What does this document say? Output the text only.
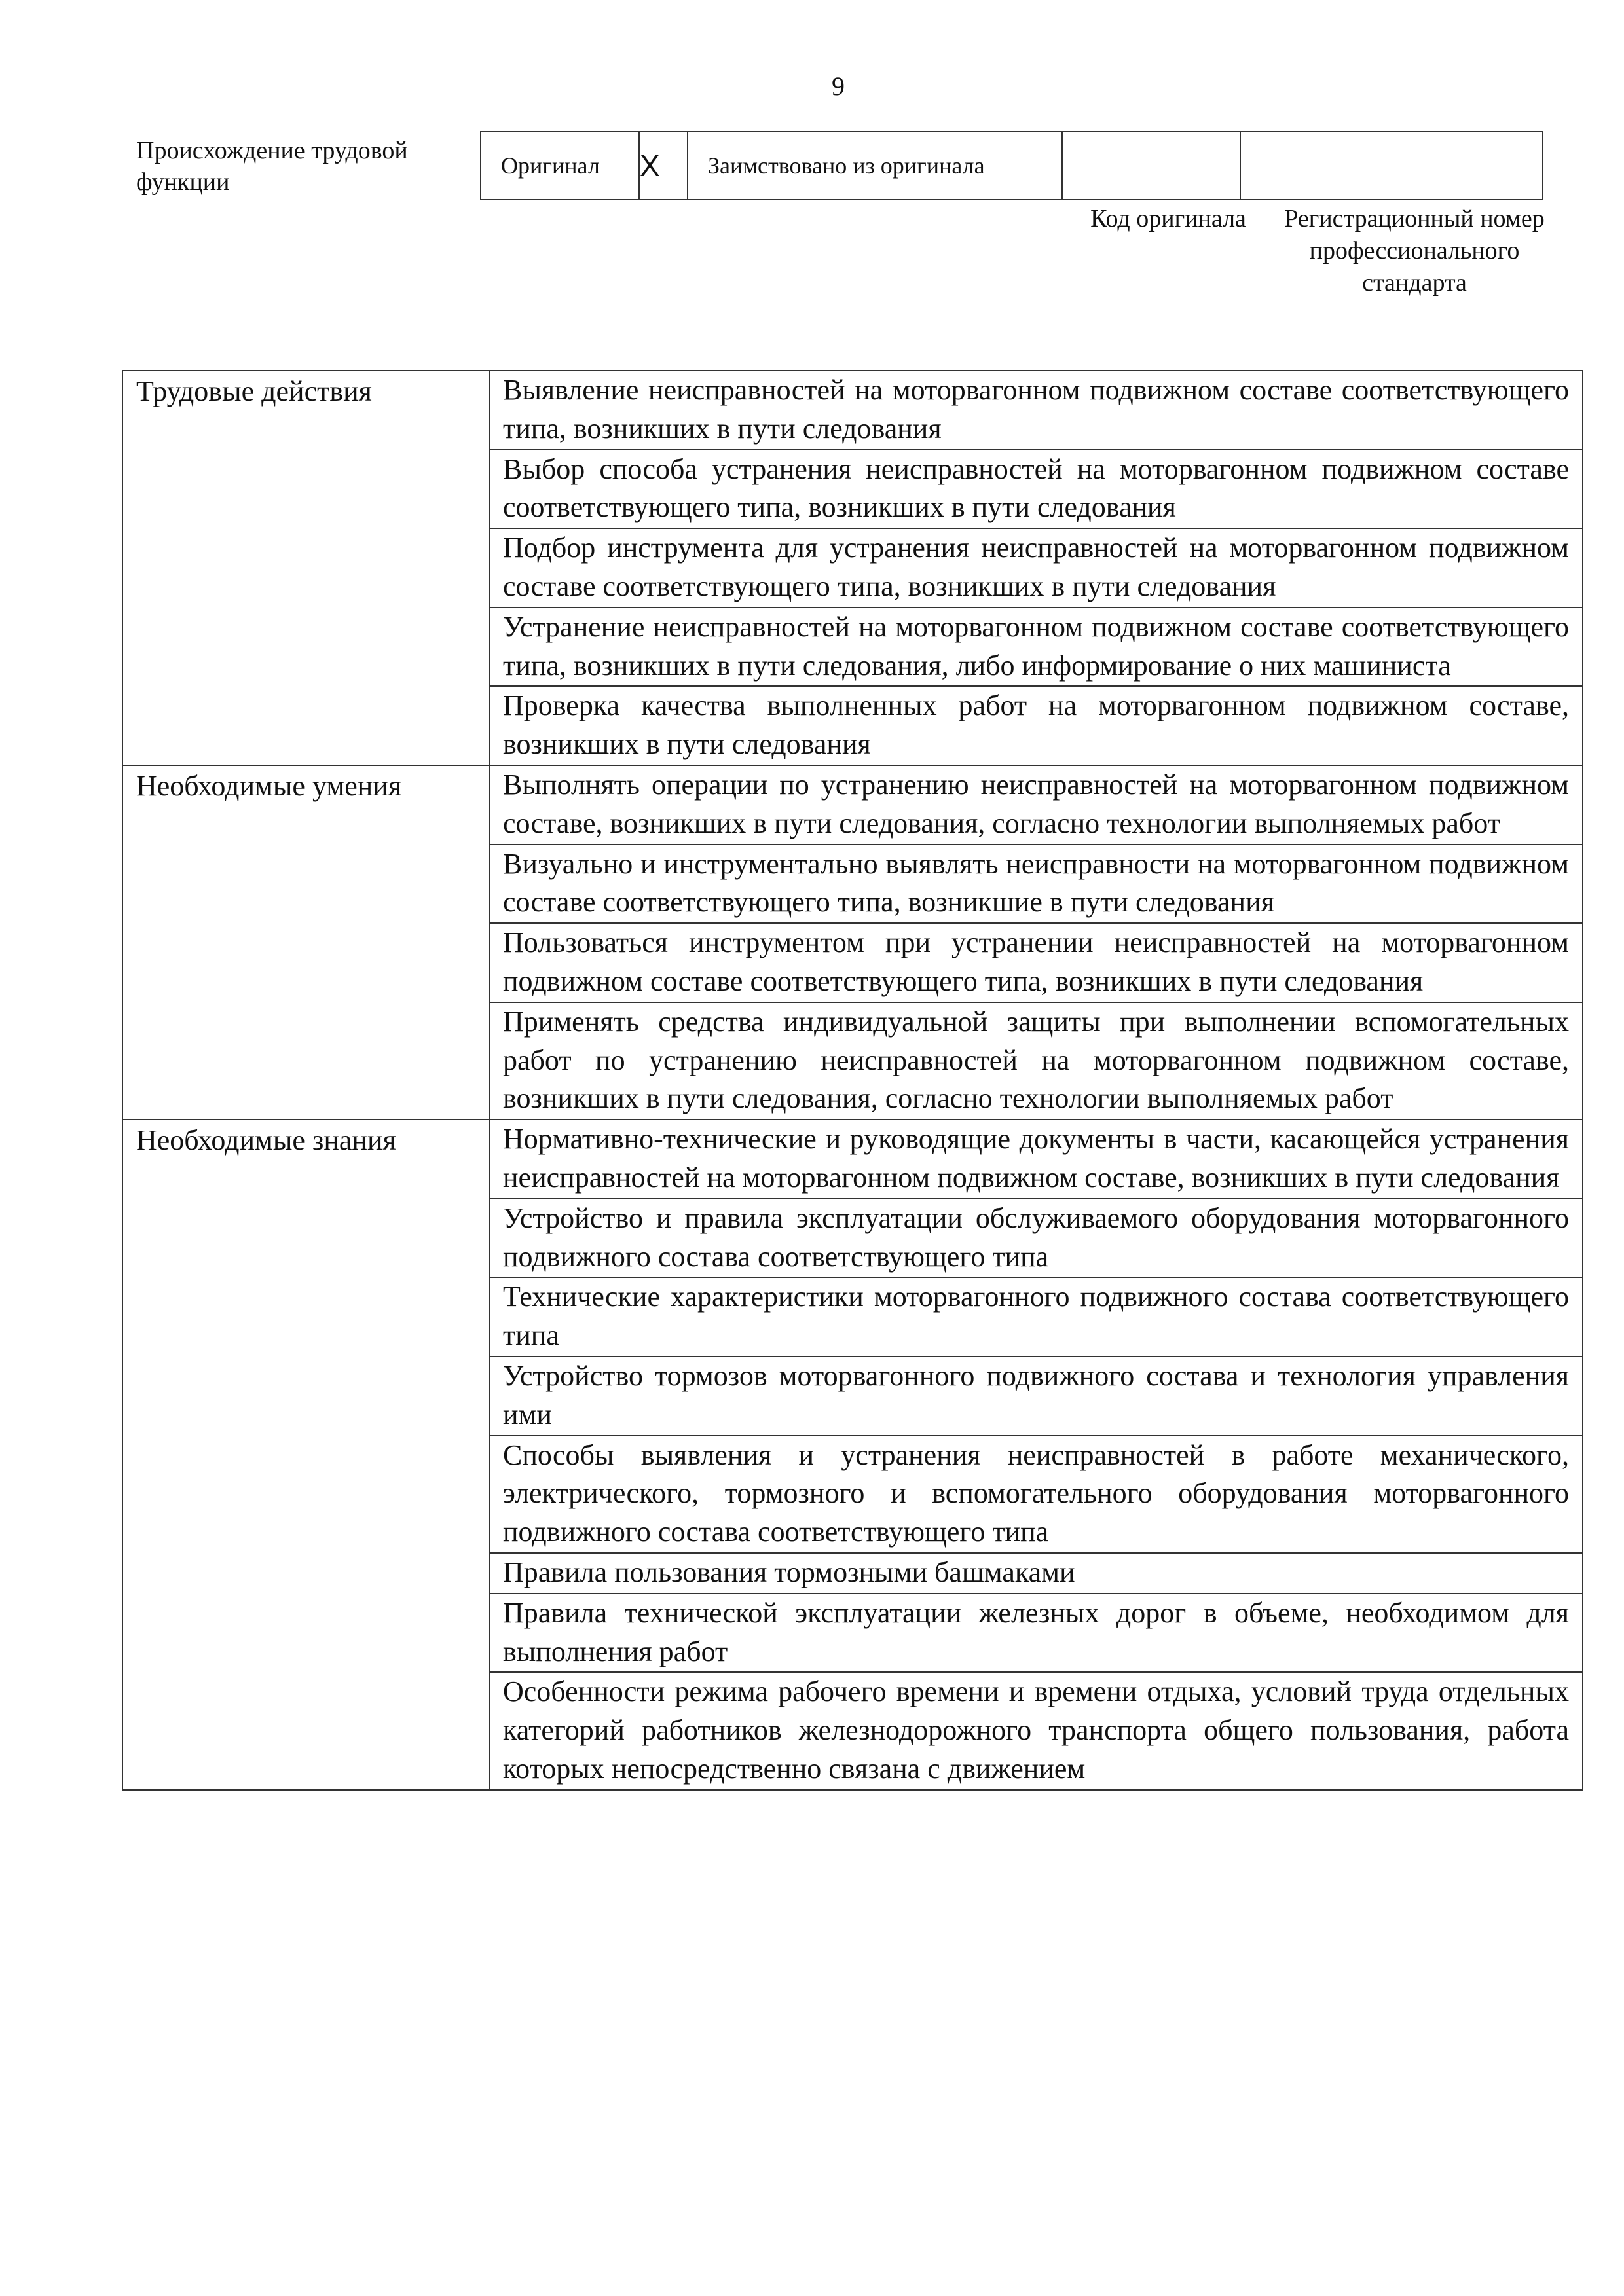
9
Происхождение трудовой функции
Оригинал	X	Заимствовано из оригинала		
Код оригинала	Регистрационный номер профессионального стандарта
Трудовые действия	Выявление неисправностей на моторвагонном подвижном составе соответствующего типа, возникших в пути следования
	Выбор способа устранения неисправностей на моторвагонном подвижном составе соответствующего типа, возникших в пути следования
	Подбор инструмента для устранения неисправностей на моторвагонном подвижном составе соответствующего типа, возникших в пути следования
	Устранение неисправностей на моторвагонном подвижном составе соответствующего типа, возникших в пути следования, либо информирование о них машиниста
	Проверка качества выполненных работ на моторвагонном подвижном составе, возникших в пути следования
Необходимые умения	Выполнять операции по устранению неисправностей на моторвагонном подвижном составе, возникших в пути следования, согласно технологии выполняемых работ
	Визуально и инструментально выявлять неисправности на моторвагонном подвижном составе соответствующего типа, возникшие в пути следования
	Пользоваться инструментом при устранении неисправностей на моторвагонном подвижном составе соответствующего типа, возникших в пути следования
	Применять средства индивидуальной защиты при выполнении вспомогательных работ по устранению неисправностей на моторвагонном подвижном составе, возникших в пути следования, согласно технологии выполняемых работ
Необходимые знания	Нормативно-технические и руководящие документы в части, касающейся устранения неисправностей на моторвагонном подвижном составе, возникших в пути следования
	Устройство и правила эксплуатации обслуживаемого оборудования моторвагонного подвижного состава соответствующего типа
	Технические характеристики моторвагонного подвижного состава соответствующего типа
	Устройство тормозов моторвагонного подвижного состава и технология управления ими
	Способы выявления и устранения неисправностей в работе механического, электрического, тормозного и вспомогательного оборудования моторвагонного подвижного состава соответствующего типа
	Правила пользования тормозными башмаками
	Правила технической эксплуатации железных дорог в объеме, необходимом для выполнения работ
	Особенности режима рабочего времени и времени отдыха, условий труда отдельных категорий работников железнодорожного транспорта общего пользования, работа которых непосредственно связана с движением
